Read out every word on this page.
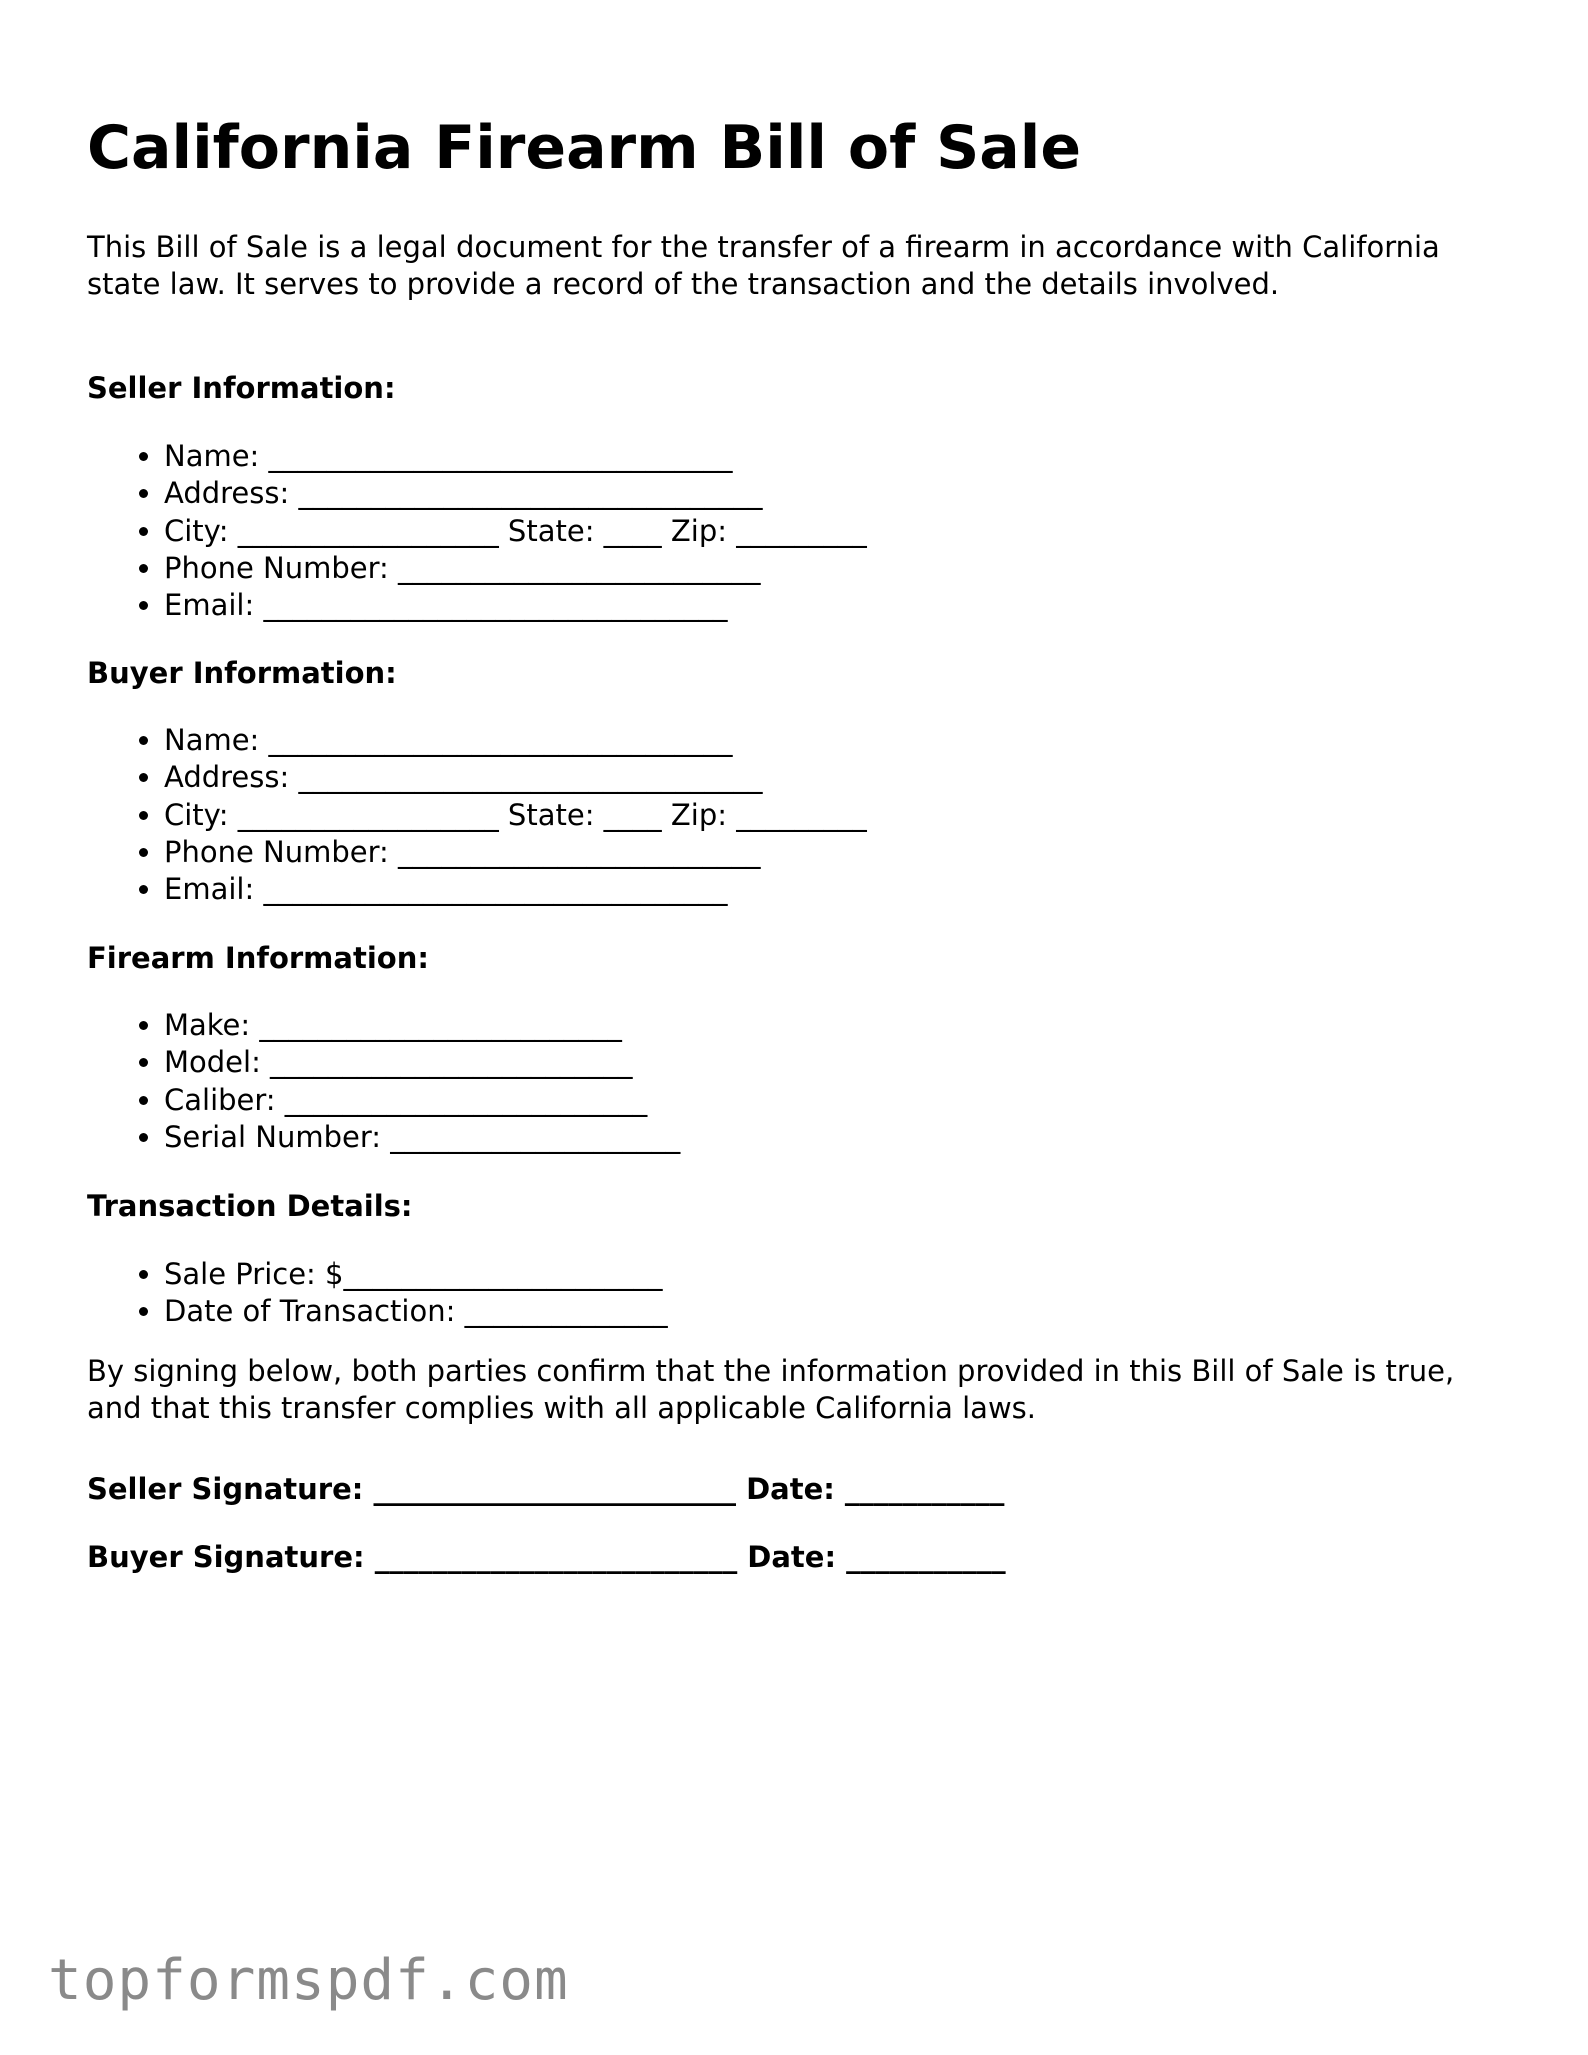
California Firearm Bill of Sale

This Bill of Sale is a legal document for the transfer of a firearm in accordance with California state law. It serves to provide a record of the transaction and the details involved.

Seller Information:

• Name: ________________________________
• Address: ________________________________
• City: __________________ State: ____ Zip: _________
• Phone Number: _________________________
• Email: ________________________________

Buyer Information:

• Name: ________________________________
• Address: ________________________________
• City: __________________ State: ____ Zip: _________
• Phone Number: _________________________
• Email: ________________________________

Firearm Information:

• Make: _________________________
• Model: _________________________
• Caliber: _________________________
• Serial Number: ____________________

Transaction Details:

• Sale Price: $______________________
• Date of Transaction: ______________

By signing below, both parties confirm that the information provided in this Bill of Sale is true, and that this transfer complies with all applicable California laws.

Seller Signature: _________________________ Date: ___________

Buyer Signature: _________________________ Date: ___________

topformspdf.com
